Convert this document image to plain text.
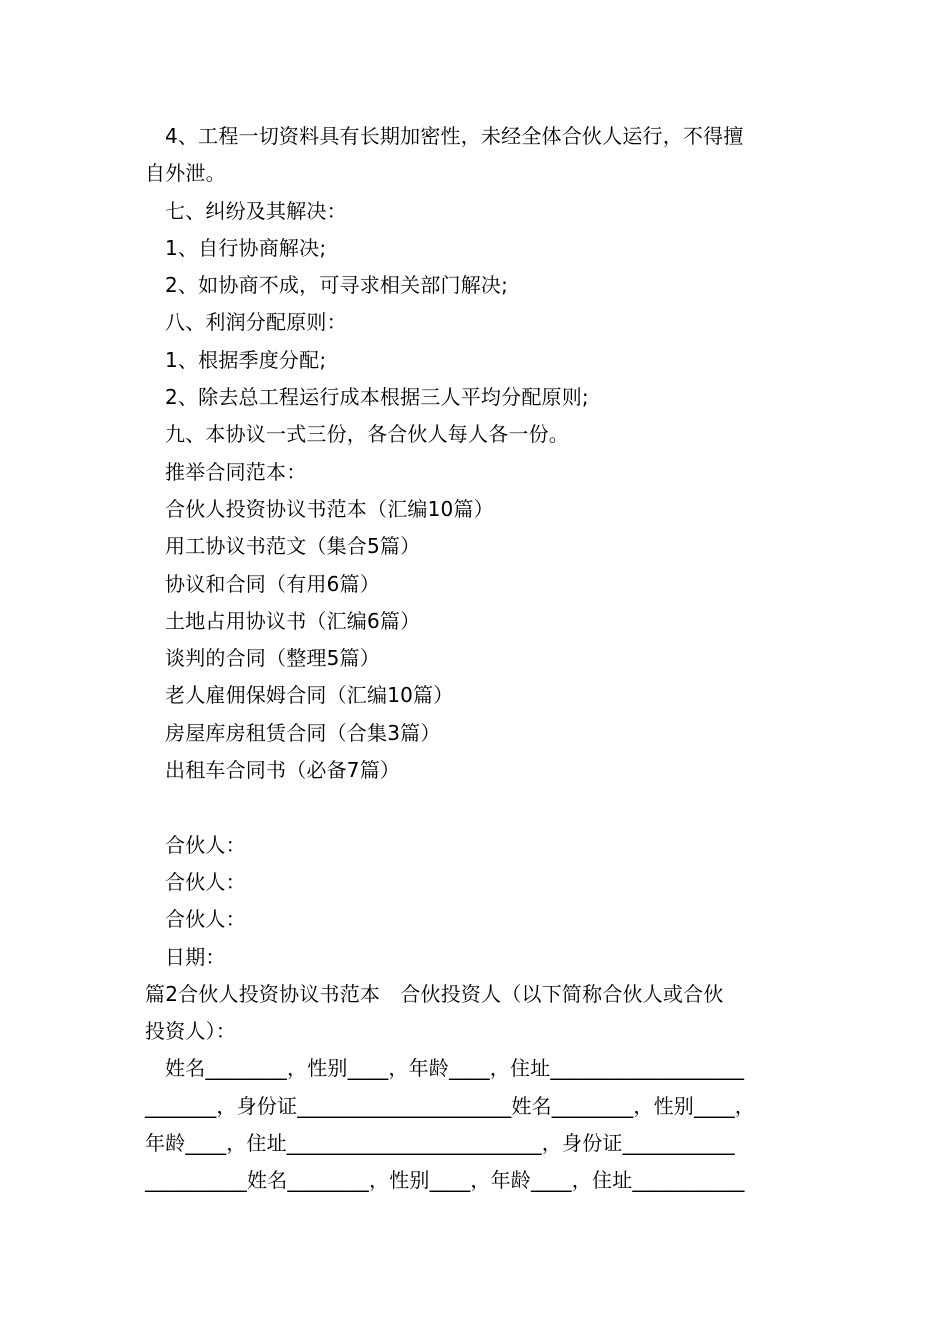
4、工程一切资料具有长期加密性，未经全体合伙人运行，不得擅
自外泄。
七、纠纷及其解决：
1、自行协商解决;
2、如协商不成，可寻求相关部门解决;
八、利润分配原则：
1、根据季度分配;
2、除去总工程运行成本根据三人平均分配原则;
九、本协议一式三份，各合伙人每人各一份。
推举合同范本：
合伙人投资协议书范本（汇编10篇）
用工协议书范文（集合5篇）
协议和合同（有用6篇）
土地占用协议书（汇编6篇）
谈判的合同（整理5篇）
老人雇佣保姆合同（汇编10篇）
房屋库房租赁合同（合集3篇）
出租车合同书（必备7篇）
合伙人：
合伙人：
合伙人：
日期：
篇2合伙人投资协议书范本　合伙投资人（以下简称合伙人或合伙
投资人）：
姓名________，性别____，年龄____，住址___________________
_______，身份证_____________________姓名________，性别____，
年龄____，住址_________________________，身份证___________
__________姓名________，性别____，年龄____，住址___________
